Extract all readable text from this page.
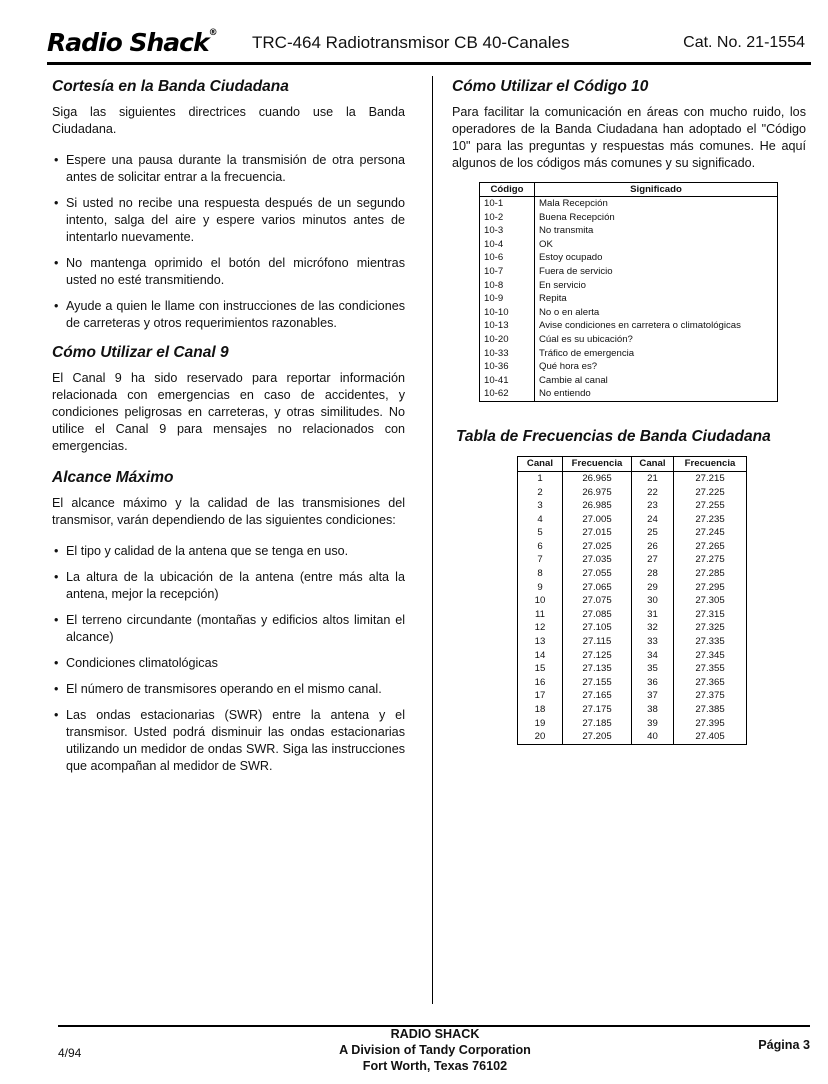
Radio Shack® TRC-464 Radiotransmisor CB 40-Canales	Cat. No. 21-1554
Cortesía en la Banda Ciudadana

Siga las siguientes directrices cuando use la Banda Ciudadana.

• Espere una pausa durante la transmisión de otra persona antes de solicitar entrar a la frecuencia.
• Si usted no recibe una respuesta después de un segundo intento, salga del aire y espere varios minutos antes de intentarlo nuevamente.
• No mantenga oprimido el botón del micrófono mientras usted no esté transmitiendo.
• Ayude a quien le llame con instrucciones de las condiciones de carreteras y otros requerimientos razonables.
Cómo Utilizar el Canal 9

El Canal 9 ha sido reservado para reportar información relacionada con emergencias en caso de accidentes, y condiciones peligrosas en carreteras, y otras similitudes. No utilice el Canal 9 para mensajes no relacionados con emergencias.

Alcance Máximo

El alcance máximo y la calidad de las transmisiones del transmisor, varán dependiendo de las siguientes condiciones:

• El tipo y calidad de la antena que se tenga en uso.
• La altura de la ubicación de la antena (entre más alta la antena, mejor la recepción)
• El terreno circundante (montañas y edificios altos limitan el alcance)
• Condiciones climatológicas
• El número de transmisores operando en el mismo canal.
• Las ondas estacionarias (SWR) entre la antena y el transmisor. Usted podrá disminuir las ondas estacionarias utilizando un medidor de ondas SWR. Siga las instrucciones que acompañan al medidor de SWR.
Cómo Utilizar el Código 10

Para facilitar la comunicación en áreas con mucho ruido, los operadores de la Banda Ciudadana han adoptado el "Código 10" para las preguntas y respuestas más comunes. He aquí algunos de los códigos más comunes y su significado.

Código	Significado
10-1	Mala Recepción
10-2	Buena Recepción
10-3	No transmita
10-4	OK
10-6	Estoy ocupado
10-7	Fuera de servicio
10-8	En servicio
10-9	Repita
10-10	No o en alerta
10-13	Avise condiciones en carretera o climatológicas
10-20	Cúal es su ubicación?
10-33	Tráfico de emergencia
10-36	Qué hora es?
10-41	Cambie al canal
10-62	No entiendo
Tabla de Frecuencias de Banda Ciudadana
Canal	Frecuencia	Canal	Frecuencia
1	26.965	21	27.215
2	26.975	22	27.225
3	26.985	23	27.255
4	27.005	24	27.235
5	27.015	25	27.245
6	27.025	26	27.265
7	27.035	27	27.275
8	27.055	28	27.285
9	27.065	29	27.295
10	27.075	30	27.305
11	27.085	31	27.315
12	27.105	32	27.325
13	27.115	33	27.335
14	27.125	34	27.345
15	27.135	35	27.355
16	27.155	36	27.365
17	27.165	37	27.375
18	27.175	38	27.385
19	27.185	39	27.395
20	27.205	40	27.405
4/94
RADIO SHACK
A Division of Tandy Corporation
Fort Worth, Texas 76102
Página 3
